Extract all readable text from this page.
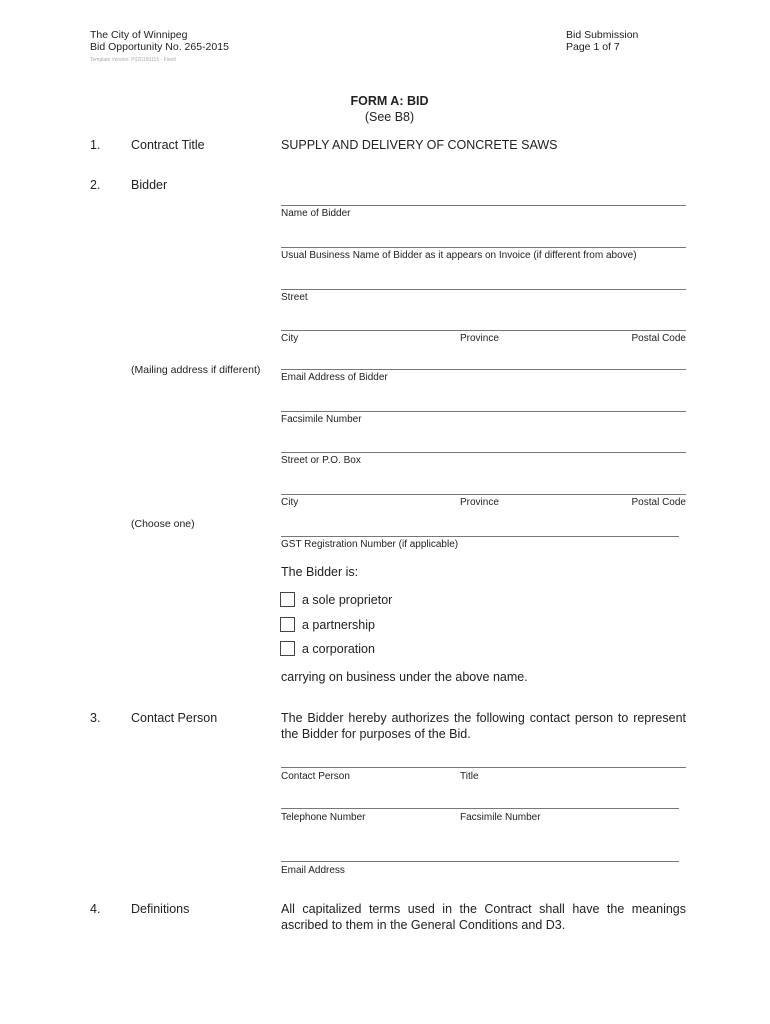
The City of Winnipeg
Bid Opportunity No. 265-2015
Template Version: P020150115 - Fixed
Bid Submission
Page 1 of 7
FORM A: BID
(See B8)
1. Contract Title	SUPPLY AND DELIVERY OF CONCRETE SAWS
2. Bidder
Name of Bidder
Usual Business Name of Bidder as it appears on Invoice (if different from above)
Street
City	Province	Postal Code
(Mailing address if different)
Email Address of Bidder
Facsimile Number
Street or P.O. Box
City	Province	Postal Code
(Choose one)
GST Registration Number (if applicable)
The Bidder is:
a sole proprietor
a partnership
a corporation
carrying on business under the above name.
3. Contact Person	The Bidder hereby authorizes the following contact person to represent the Bidder for purposes of the Bid.
Contact Person	Title
Telephone Number	Facsimile Number
Email Address
4. Definitions	All capitalized terms used in the Contract shall have the meanings ascribed to them in the General Conditions and D3.
